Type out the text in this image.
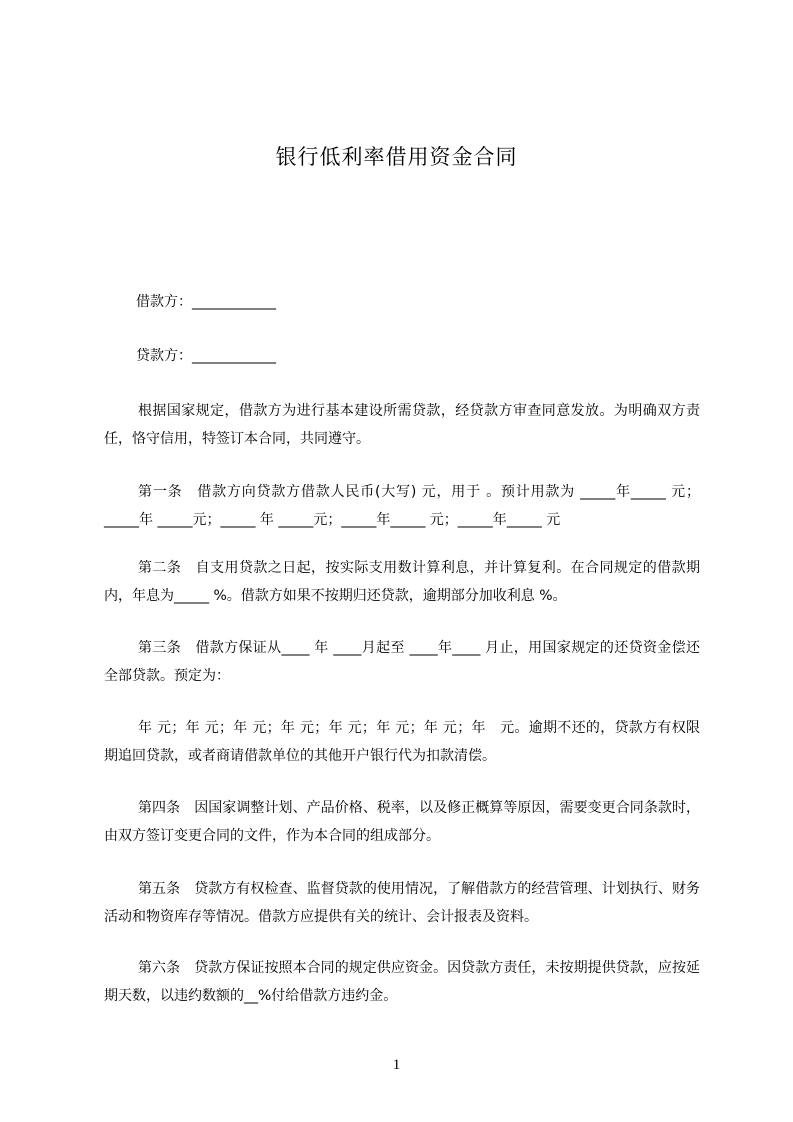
银行低利率借用资金合同
借款方：____________
贷款方：____________

根据国家规定，借款方为进行基本建设所需贷款，经贷款方审查同意发放。为明确双方责任，恪守信用，特签订本合同，共同遵守。

第一条　借款方向贷款方借款人民币(大写) 元，用于 。预计用款为 _____年_____ 元；_____年 _____元；_____ 年 _____元；_____年_____ 元；_____年_____ 元

第二条　自支用贷款之日起，按实际支用数计算利息，并计算复利。在合同规定的借款期内，年息为_____ %。借款方如果不按期归还贷款，逾期部分加收利息 %。

第三条　借款方保证从____ 年 ____月起至 ____年____ 月止，用国家规定的还贷资金偿还全部贷款。预定为：

年 元；年 元；年 元；年 元；年 元；年 元；年 元；年　元。逾期不还的，贷款方有权限期追回贷款，或者商请借款单位的其他开户银行代为扣款清偿。

第四条　因国家调整计划、产品价格、税率，以及修正概算等原因，需要变更合同条款时，由双方签订变更合同的文件，作为本合同的组成部分。

第五条　贷款方有权检查、监督贷款的使用情况，了解借款方的经营管理、计划执行、财务活动和物资库存等情况。借款方应提供有关的统计、会计报表及资料。

第六条　贷款方保证按照本合同的规定供应资金。因贷款方责任，未按期提供贷款，应按延期天数，以违约数额的__%付给借款方违约金。

1
